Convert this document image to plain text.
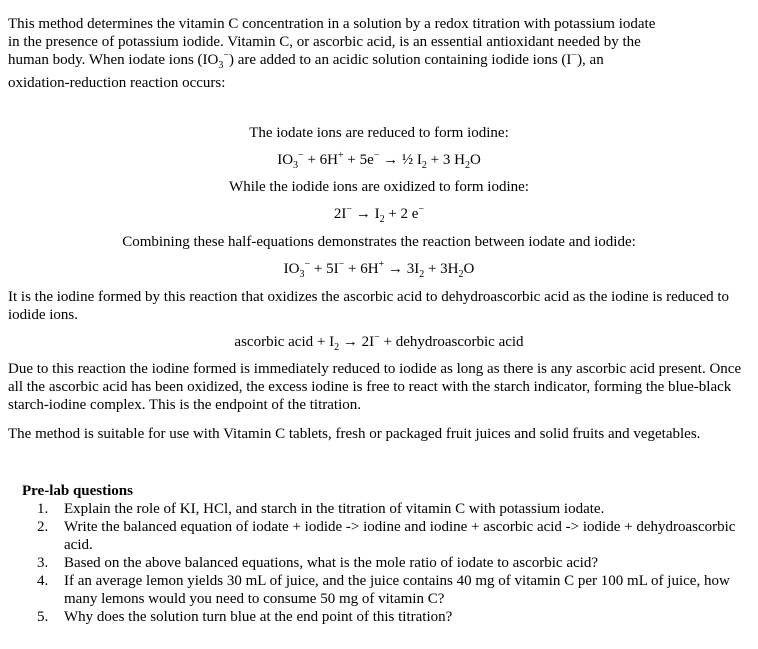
This method determines the vitamin C concentration in a solution by a redox titration with potassium iodate
in the presence of potassium iodide. Vitamin C, or ascorbic acid, is an essential antioxidant needed by the
human body. When iodate ions $(IO_3^-)$ are added to an acidic solution containing iodide ions (I−), an
oxidation-reduction reaction occurs:
The iodate ions are reduced to form iodine:
$IO_3^- + 6H^+ + 5e^-$ → ½ $I_2 + 3$ $H_2O$
While the iodide ions are oxidized to form iodine:
$2I^- \to I_2 + 2$ e−
Combining these half-equations demonstrates the reaction between iodate and iodide:
$IO_3^- + 5I^- + 6H^+ \to 3I_2 + 3H_2O$
It is the iodine formed by this reaction that oxidizes the ascorbic acid to dehydroascorbic acid as the iodine is reduced to iodide ions.
ascorbic acid + $I_2 \to 2I^-$ + dehydroascorbic acid
Due to this reaction the iodine formed is immediately reduced to iodide as long as there is any ascorbic acid present. Once all the ascorbic acid has been oxidized, the excess iodine is free to react with the starch indicator, forming the blue-black starch-iodine complex. This is the endpoint of the titration.
The method is suitable for use with Vitamin C tablets, fresh or packaged fruit juices and solid fruits and vegetables.
Pre-lab questions
1. Explain the role of KI, HCl, and starch in the titration of vitamin C with potassium iodate.
2. Write the balanced equation of iodate + iodide -> iodine and iodine + ascorbic acid -> iodide + dehydroascorbic acid.
3. Based on the above balanced equations, what is the mole ratio of iodate to ascorbic acid?
4. If an average lemon yields 30 mL of juice, and the juice contains 40 mg of vitamin C per 100 mL of juice, how many lemons would you need to consume 50 mg of vitamin C?
5. Why does the solution turn blue at the end point of this titration?
